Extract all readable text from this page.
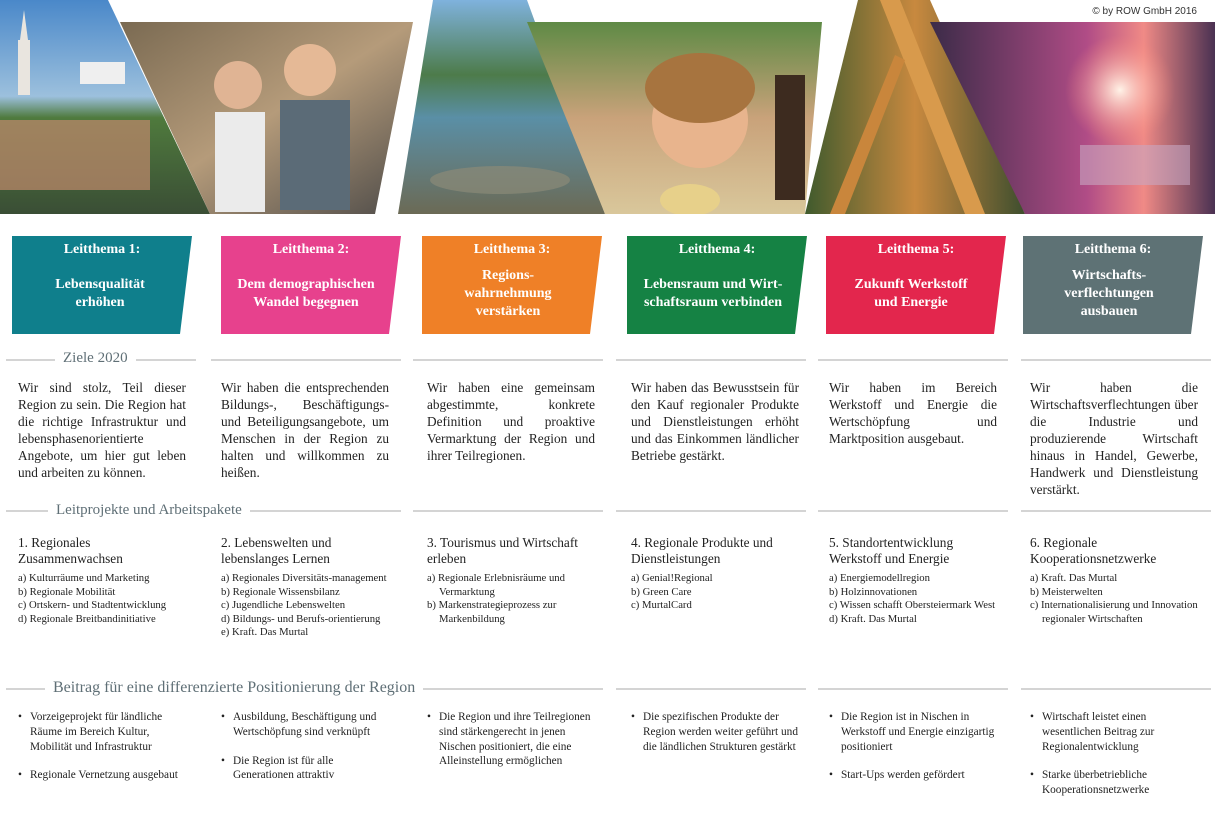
© by ROW GmbH 2016
Leitthema 1:
Lebensqualität erhöhen
Leitthema 2:
Dem demographischen Wandel begegnen
Leitthema 3:
Regions-wahrnehmung verstärken
Leitthema 4:
Lebensraum und Wirt-schaftsraum verbinden
Leitthema 5:
Zukunft Werkstoff und Energie
Leitthema 6:
Wirtschafts-verflechtungen ausbauen
Ziele 2020
Leitprojekte und Arbeitspakete
Beitrag für eine differenzierte Positionierung der Region
Wir sind stolz, Teil dieser Region zu sein. Die Region hat die richtige Infrastruktur und lebensphasenorientierte Angebote, um hier gut leben und arbeiten zu können.
Wir haben die entsprechenden Bildungs-, Beschäftigungs- und Beteiligungsangebote, um Menschen in der Region zu halten und willkommen zu heißen.
Wir haben eine gemeinsam abgestimmte, konkrete Definition und proaktive Vermarktung der Region und ihrer Teilregionen.
Wir haben das Bewusstsein für den Kauf regionaler Produkte und Dienstleistungen erhöht und das Einkommen ländlicher Betriebe gestärkt.
Wir haben im Bereich Werkstoff und Energie die Wertschöpfung und Marktposition ausgebaut.
Wir haben die Wirtschaftsverflechtungen über die Industrie und produzierende Wirtschaft hinaus in Handel, Gewerbe, Handwerk und Dienstleistung verstärkt.
1. Regionales Zusammenwachsen
a) Kulturräume und Marketing
b) Regionale Mobilität
c) Ortskern- und Stadtentwicklung
d) Regionale Breitbandinitiative
2. Lebenswelten und lebenslanges Lernen
a) Regionales Diversitäts-management
b) Regionale Wissensbilanz
c) Jugendliche Lebenswelten
d) Bildungs- und Berufs-orientierung
e) Kraft. Das Murtal
3. Tourismus und Wirtschaft erleben
a) Regionale Erlebnisräume und Vermarktung
b) Markenstrategieprozess zur Markenbildung
4. Regionale Produkte und Dienstleistungen
a) Genial!Regional
b) Green Care
c) MurtalCard
5. Standortentwicklung Werkstoff und Energie
a) Energiemodellregion
b) Holzinnovationen
c) Wissen schafft Obersteiermark West
d) Kraft. Das Murtal
6. Regionale Kooperationsnetzwerke
a) Kraft. Das Murtal
b) Meisterwelten
c) Internationalisierung und Innovation regionaler Wirtschaften
• Vorzeigeprojekt für ländliche Räume im Bereich Kultur, Mobilität und Infrastruktur
• Regionale Vernetzung ausgebaut
• Ausbildung, Beschäftigung und Wertschöpfung sind verknüpft
• Die Region ist für alle Generationen attraktiv
• Die Region und ihre Teilregionen sind stärkengerecht in jenen Nischen positioniert, die eine Alleinstellung ermöglichen
• Die spezifischen Produkte der Region werden weiter geführt und die ländlichen Strukturen gestärkt
• Die Region ist in Nischen in Werkstoff und Energie einzigartig positioniert
• Start-Ups werden gefördert
• Wirtschaft leistet einen wesentlichen Beitrag zur Regionalentwicklung
• Starke überbetriebliche Kooperationsnetzwerke
